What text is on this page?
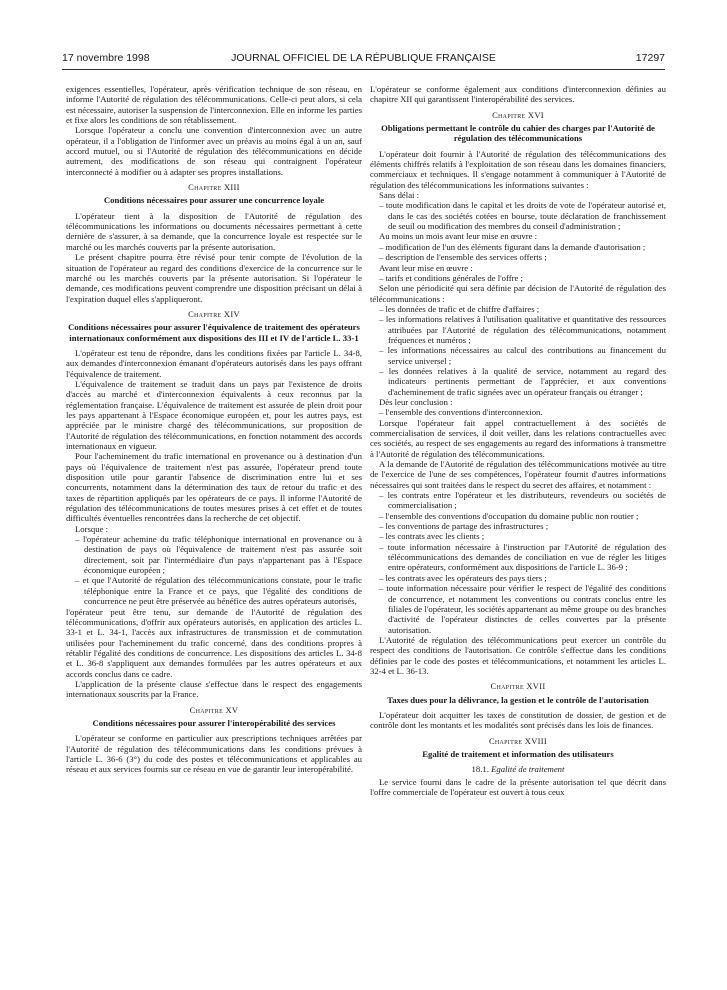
17 novembre 1998	JOURNAL OFFICIEL DE LA RÉPUBLIQUE FRANÇAISE	17297

exigences essentielles, l'opérateur, après vérification technique de son réseau, en informe l'Autorité de régulation des télécommunications. Celle-ci peut alors, si cela est nécessaire, autoriser la suspension de l'interconnexion. Elle en informe les parties et fixe alors les conditions de son rétablissement.

Lorsque l'opérateur a conclu une convention d'interconnexion avec un autre opérateur, il a l'obligation de l'informer avec un préavis au moins égal à un an, sauf accord mutuel, ou si l'Autorité de régulation des télécommunications en décide autrement, des modifications de son réseau qui contraignent l'opérateur interconnecté à modifier ou à adapter ses propres installations.

Chapitre XIII
Conditions nécessaires pour assurer une concurrence loyale

L'opérateur tient à la disposition de l'Autorité de régulation des télécommunications les informations ou documents nécessaires permettant à cette dernière de s'assurer, à sa demande, que la concurrence loyale est respectée sur le marché ou les marchés couverts par la présente autorisation.

Le présent chapitre pourra être révisé pour tenir compte de l'évolution de la situation de l'opérateur au regard des conditions d'exercice de la concurrence sur le marché ou les marchés couverts par la présente autorisation. Si l'opérateur le demande, ces modifications peuvent comprendre une disposition précisant un délai à l'expiration duquel elles s'appliqueront.

Chapitre XIV
Conditions nécessaires pour assurer l'équivalence de traitement des opérateurs internationaux conformément aux dispositions des III et IV de l'article L. 33-1

L'opérateur est tenu de répondre, dans les conditions fixées par l'article L. 34-8, aux demandes d'interconnexion émanant d'opérateurs autorisés dans les pays offrant l'équivalence de traitement.

L'équivalence de traitement se traduit dans un pays par l'existence de droits d'accès au marché et d'interconnexion équivalents à ceux reconnus par la réglementation française. L'équivalence de traitement est assurée de plein droit pour les pays appartenant à l'Espace économique européen et, pour les autres pays, est appréciée par le ministre chargé des télécommunications, sur proposition de l'Autorité de régulation des télécommunications, en fonction notamment des accords internationaux en vigueur.

Pour l'acheminement du trafic international en provenance ou à destination d'un pays où l'équivalence de traitement n'est pas assurée, l'opérateur prend toute disposition utile pour garantir l'absence de discrimination entre lui et ses concurrents, notamment dans la détermination des taux de retour du trafic et des taxes de répartition appliqués par les opérateurs de ce pays. Il informe l'Autorité de régulation des télécommunications de toutes mesures prises à cet effet et de toutes difficultés éventuelles rencontrées dans la recherche de cet objectif.

Lorsque :

– l'opérateur achemine du trafic téléphonique international en provenance ou à destination de pays où l'équivalence de traitement n'est pas assurée soit directement, soit par l'intermédiaire d'un pays n'appartenant pas à l'Espace économique européen ;

– et que l'Autorité de régulation des télécommunications constate, pour le trafic téléphonique entre la France et ce pays, que l'égalité des conditions de concurrence ne peut être préservée au bénéfice des autres opérateurs autorisés,

l'opérateur peut être tenu, sur demande de l'Autorité de régulation des télécommunications, d'offrir aux opérateurs autorisés, en application des articles L. 33-1 et L. 34-1, l'accès aux infrastructures de transmission et de commutation utilisées pour l'acheminement du trafic concerné, dans des conditions propres à rétablir l'égalité des conditions de concurrence. Les dispositions des articles L. 34-8 et L. 36-8 s'appliquent aux demandes formulées par les autres opérateurs et aux accords conclus dans ce cadre.

L'application de la présente clause s'effectue dans le respect des engagements internationaux souscrits par la France.

Chapitre XV
Conditions nécessaires pour assurer l'interopérabilité des services

L'opérateur se conforme en particulier aux prescriptions techniques arrêtées par l'Autorité de régulation des télécommunications dans les conditions prévues à l'article L. 36-6 (3°) du code des postes et télécommunications et applicables au réseau et aux services fournis sur ce réseau en vue de garantir leur interopérabilité.

L'opérateur se conforme également aux conditions d'interconnexion définies au chapitre XII qui garantissent l'interopérabilité des services.

Chapitre XVI
Obligations permettant le contrôle du cahier des charges par l'Autorité de régulation des télécommunications

L'opérateur doit fournir à l'Autorité de régulation des télécommunications des éléments chiffrés relatifs à l'exploitation de son réseau dans les domaines financiers, commerciaux et techniques. Il s'engage notamment à communiquer à l'Autorité de régulation des télécommunications les informations suivantes :

Sans délai :

– toute modification dans le capital et les droits de vote de l'opérateur autorisé et, dans le cas des sociétés cotées en bourse, toute déclaration de franchissement de seuil ou modification des membres du conseil d'administration ;

Au moins un mois avant leur mise en œuvre :

– modification de l'un des éléments figurant dans la demande d'autorisation ;

– description de l'ensemble des services offerts ;

Avant leur mise en œuvre :

– tarifs et conditions générales de l'offre ;

Selon une périodicité qui sera définie par décision de l'Autorité de régulation des télécommunications :

– les données de trafic et de chiffre d'affaires ;

– les informations relatives à l'utilisation qualitative et quantitative des ressources attribuées par l'Autorité de régulation des télécommunications, notamment fréquences et numéros ;

– les informations nécessaires au calcul des contributions au financement du service universel ;

– les données relatives à la qualité de service, notamment au regard des indicateurs pertinents permettant de l'apprécier, et aux conventions d'acheminement de trafic signées avec un opérateur français ou étranger ;

Dès leur conclusion :

– l'ensemble des conventions d'interconnexion.

Lorsque l'opérateur fait appel contractuellement à des sociétés de commercialisation de services, il doit veiller, dans les relations contractuelles avec ces sociétés, au respect de ses engagements au regard des informations à transmettre à l'Autorité de régulation des télécommunications.

A la demande de l'Autorité de régulation des télécommunications motivée au titre de l'exercice de l'une de ses compétences, l'opérateur fournit d'autres informations nécessaires qui sont traitées dans le respect du secret des affaires, et notamment :

– les contrats entre l'opérateur et les distributeurs, revendeurs ou sociétés de commercialisation ;

– l'ensemble des conventions d'occupation du domaine public non routier ;

– les conventions de partage des infrastructures ;

– les contrats avec les clients ;

– toute information nécessaire à l'instruction par l'Autorité de régulation des télécommunications des demandes de conciliation en vue de régler les litiges entre opérateurs, conformément aux dispositions de l'article L. 36-9 ;

– les contrats avec les opérateurs des pays tiers ;

– toute information nécessaire pour vérifier le respect de l'égalité des conditions de concurrence, et notamment les conventions ou contrats conclus entre les filiales de l'opérateur, les sociétés appartenant au même groupe ou des branches d'activité de l'opérateur distinctes de celles couvertes par la présente autorisation.

L'Autorité de régulation des télécommunications peut exercer un contrôle du respect des conditions de l'autorisation. Ce contrôle s'effectue dans les conditions définies par le code des postes et télécommunications, et notamment les articles L. 32-4 et L. 36-13.

Chapitre XVII
Taxes dues pour la délivrance, la gestion et le contrôle de l'autorisation

L'opérateur doit acquitter les taxes de constitution de dossier, de gestion et de contrôle dont les montants et les modalités sont précisés dans les lois de finances.

Chapitre XVIII
Egalité de traitement et information des utilisateurs
18.1. Egalité de traitement

Le service fourni dans le cadre de la présente autorisation tel que décrit dans l'offre commerciale de l'opérateur est ouvert à tous ceux
